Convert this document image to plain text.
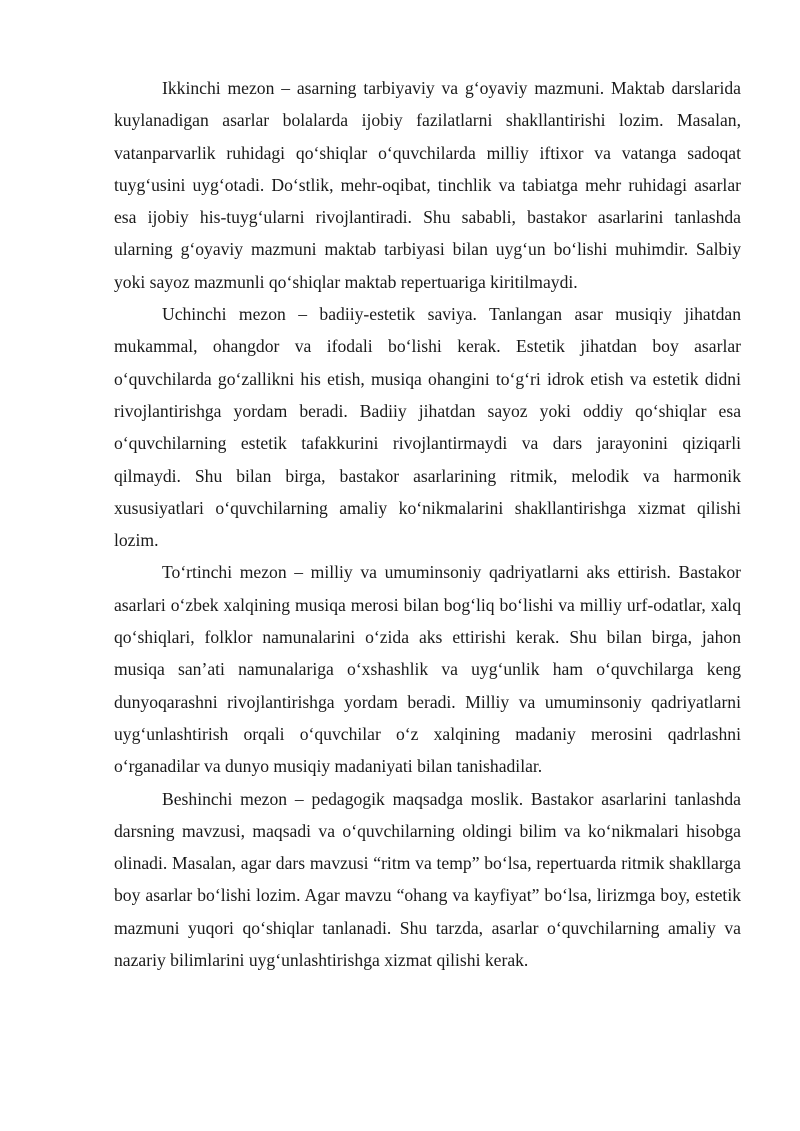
Ikkinchi mezon – asarning tarbiyaviy va g‘oyaviy mazmuni. Maktab darslarida kuylanadigan asarlar bolalarda ijobiy fazilatlarni shakllantirishi lozim. Masalan, vatanparvarlik ruhidagi qo‘shiqlar o‘quvchilarda milliy iftixor va vatanga sadoqat tuyg‘usini uyg‘otadi. Do‘stlik, mehr-oqibat, tinchlik va tabiatga mehr ruhidagi asarlar esa ijobiy his-tuyg‘ularni rivojlantiradi. Shu sababli, bastakor asarlarini tanlashda ularning g‘oyaviy mazmuni maktab tarbiyasi bilan uyg‘un bo‘lishi muhimdir. Salbiy yoki sayoz mazmunli qo‘shiqlar maktab repertuariga kiritilmaydi.

Uchinchi mezon – badiiy-estetik saviya. Tanlangan asar musiqiy jihatdan mukammal, ohangdor va ifodali bo‘lishi kerak. Estetik jihatdan boy asarlar o‘quvchilarda go‘zallikni his etish, musiqa ohangini to‘g‘ri idrok etish va estetik didni rivojlantirishga yordam beradi. Badiiy jihatdan sayoz yoki oddiy qo‘shiqlar esa o‘quvchilarning estetik tafakkurini rivojlantirmaydi va dars jarayonini qiziqarli qilmaydi. Shu bilan birga, bastakor asarlarining ritmik, melodik va harmonik xususiyatlari o‘quvchilarning amaliy ko‘nikmalarini shakllantirishga xizmat qilishi lozim.

To‘rtinchi mezon – milliy va umuminsoniy qadriyatlarni aks ettirish. Bastakor asarlari o‘zbek xalqining musiqa merosi bilan bog‘liq bo‘lishi va milliy urf-odatlar, xalq qo‘shiqlari, folklor namunalarini o‘zida aks ettirishi kerak. Shu bilan birga, jahon musiqa san’ati namunalariga o‘xshashlik va uyg‘unlik ham o‘quvchilarga keng dunyoqarashni rivojlantirishga yordam beradi. Milliy va umuminsoniy qadriyatlarni uyg‘unlashtirish orqali o‘quvchilar o‘z xalqining madaniy merosini qadrlashni o‘rganadilar va dunyo musiqiy madaniyati bilan tanishadilar.

Beshinchi mezon – pedagogik maqsadga moslik. Bastakor asarlarini tanlashda darsning mavzusi, maqsadi va o‘quvchilarning oldingi bilim va ko‘nikmalari hisobga olinadi. Masalan, agar dars mavzusi “ritm va temp” bo‘lsa, repertuarda ritmik shakllarga boy asarlar bo‘lishi lozim. Agar mavzu “ohang va kayfiyat” bo‘lsa, lirizmga boy, estetik mazmuni yuqori qo‘shiqlar tanlanadi. Shu tarzda, asarlar o‘quvchilarning amaliy va nazariy bilimlarini uyg‘unlashtirishga xizmat qilishi kerak.
